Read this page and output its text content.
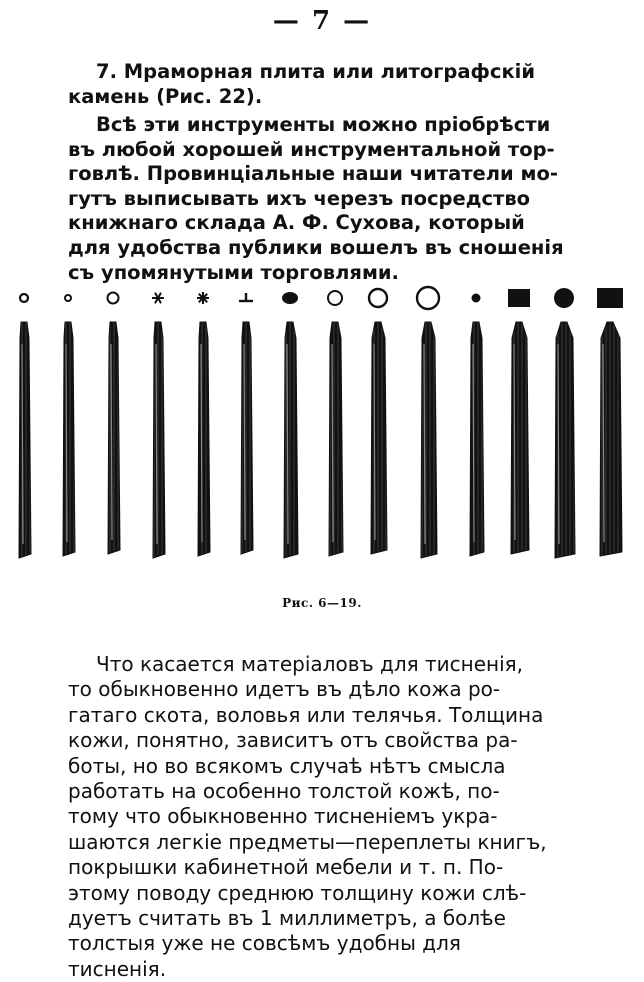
— 7 —
7. Мраморная плита или литографскій
камень (Рис. 22).
Всѣ эти инструменты можно пріобрѣсти
въ любой хорошей инструментальной тор-
говлѣ. Провинціальные наши читатели мо-
гутъ выписывать ихъ черезъ посредство
книжнаго склада А. Ф. Сухова, который
для удобства публики вошелъ въ сношенія
съ упомянутыми торговлями.
Рис. 6—19.
Что касается матеріаловъ для тисненія,
то обыкновенно идетъ въ дѣло кожа ро-
гатаго скота, воловья или телячья. Толщина
кожи, понятно, зависитъ отъ свойства ра-
боты, но во всякомъ случаѣ нѣтъ смысла
работать на особенно толстой кожѣ, по-
тому что обыкновенно тисненіемъ укра-
шаются легкіе предметы—переплеты книгъ,
покрышки кабинетной мебели и т. п. По-
этому поводу среднюю толщину кожи слѣ-
дуетъ считать въ 1 миллиметръ, а болѣе
толстыя уже не совсѣмъ удобны для
тисненія.
